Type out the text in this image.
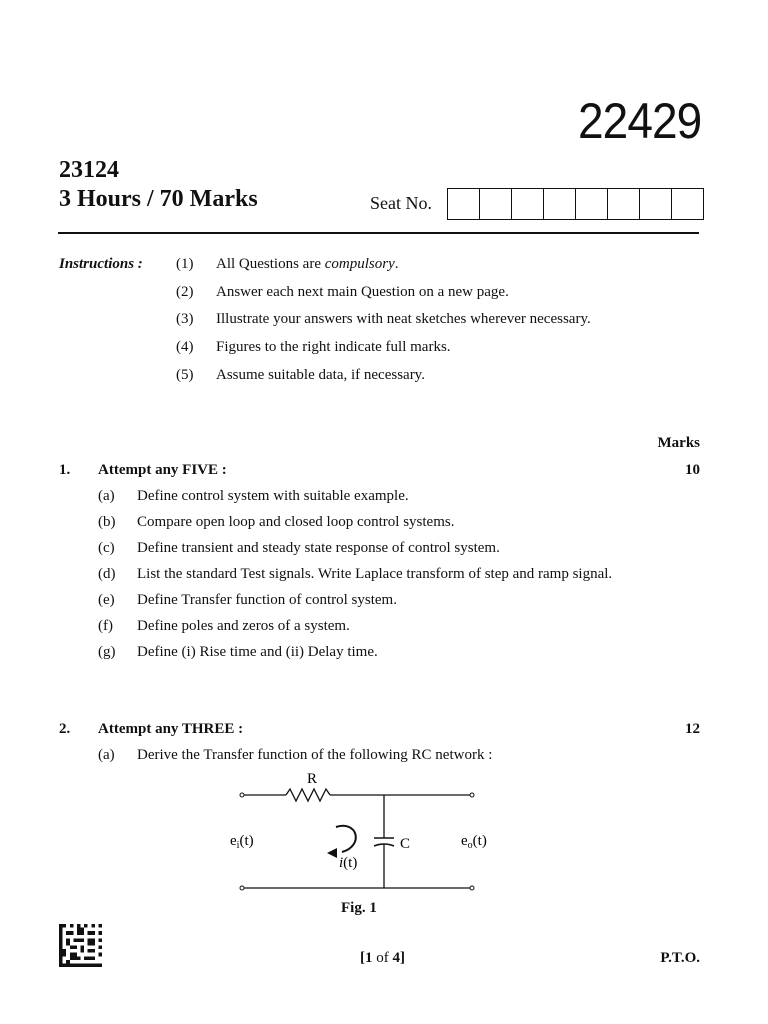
22429
23124
3 Hours / 70 Marks	Seat No.
Instructions : (1)	All Questions are compulsory.
(2)	Answer each next main Question on a new page.
(3)	Illustrate your answers with neat sketches wherever necessary.
(4)	Figures to the right indicate full marks.
(5)	Assume suitable data, if necessary.
Marks
1. Attempt any FIVE :	10
(a)	Define control system with suitable example.
(b)	Compare open loop and closed loop control systems.
(c)	Define transient and steady state response of control system.
(d)	List the standard Test signals. Write Laplace transform of step and ramp signal.
(e)	Define Transfer function of control system.
(f)	Define poles and zeros of a system.
(g)	Define (i) Rise time and (ii) Delay time.
2. Attempt any THREE :	12
(a)	Derive the Transfer function of the following RC network :
R
C
$e_i(t)$	$e_o(t)$
i(t)
Fig. 1
[1 of 4]	P.T.O.
